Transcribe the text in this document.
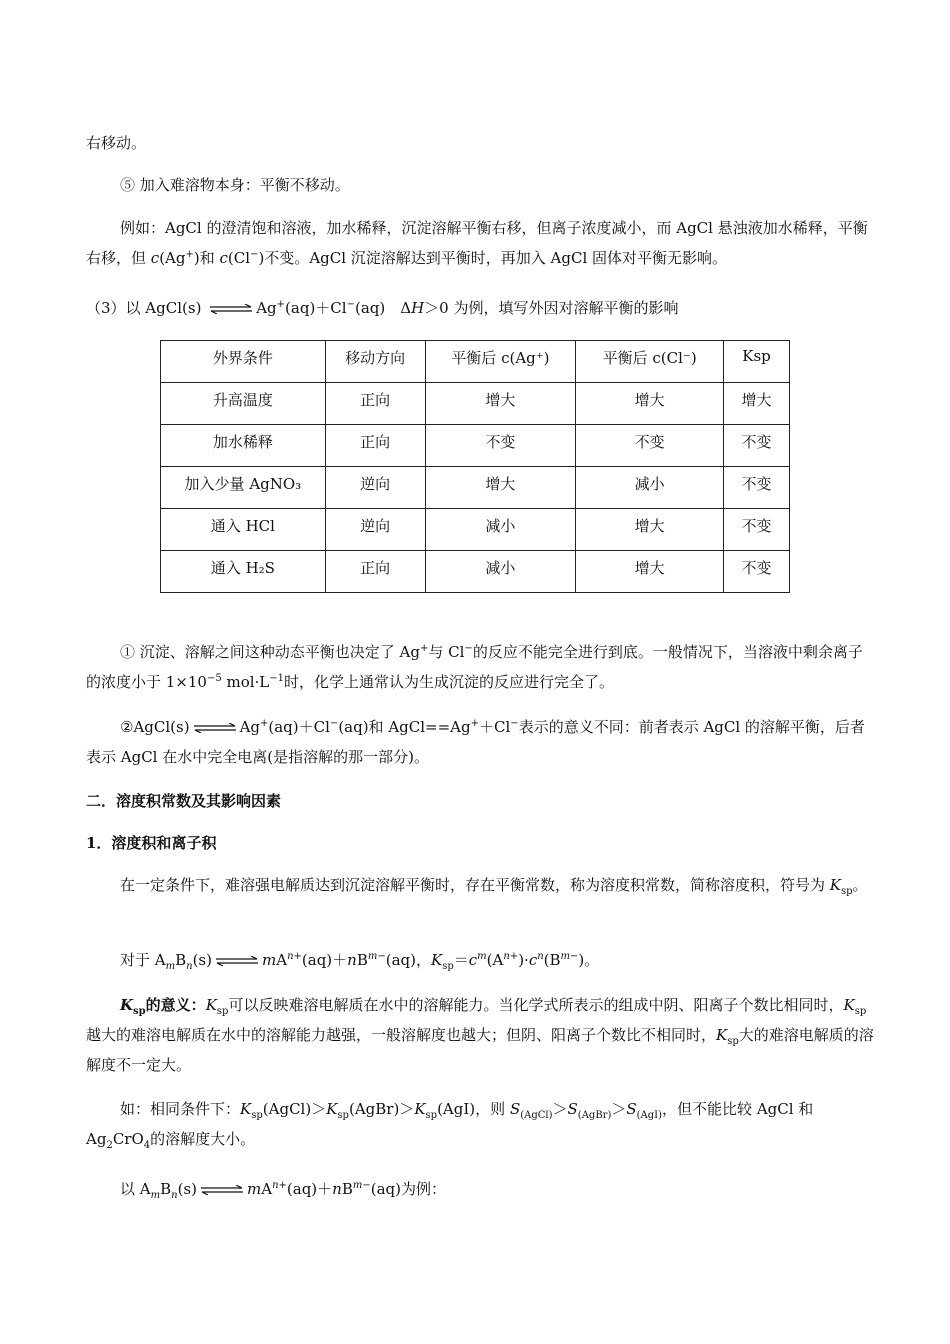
右移动。
⑤ 加入难溶物本身：平衡不移动。
例如：AgCl 的澄清饱和溶液，加水稀释，沉淀溶解平衡右移，但离子浓度减小，而 AgCl 悬浊液加水稀释，平衡右移，但 c(Ag+)和 c(Cl−)不变。AgCl 沉淀溶解达到平衡时，再加入 AgCl 固体对平衡无影响。
（3）以 AgCl(s) ⇌ Ag+(aq)＋Cl−(aq)　ΔH＞0 为例，填写外因对溶解平衡的影响
外界条件	移动方向	平衡后 c(Ag⁺)	平衡后 c(Cl⁻)	Ksp
升高温度	正向	增大	增大	增大
加水稀释	正向	不变	不变	不变
加入少量 AgNO₃	逆向	增大	减小	不变
通入 HCl	逆向	减小	增大	不变
通入 H₂S	正向	减小	增大	不变
① 沉淀、溶解之间这种动态平衡也决定了 Ag+与 Cl−的反应不能完全进行到底。一般情况下，当溶液中剩余离子的浓度小于 $1\times 10^{-5}$ $mol\cdot L^{-1}$时，化学上通常认为生成沉淀的反应进行完全了。
②AgCl(s) ⇌ Ag+(aq)＋Cl−(aq)和 AgCl==Ag+＋Cl−表示的意义不同：前者表示 AgCl 的溶解平衡，后者表示 AgCl 在水中完全电离(是指溶解的那一部分)。
二．溶度积常数及其影响因素
1．溶度积和离子积
在一定条件下，难溶强电解质达到沉淀溶解平衡时，存在平衡常数，称为溶度积常数，简称溶度积，符号为 $K_{sp}$。
对于 $A_mB_n(s)$ ⇌ $mA^{n+}(aq)+nB^{m-}(aq)$，$K_{sp}=c^m(A^{n+})\cdot c^n(B^{m-})$。
$K_{sp}$的意义：$K_{sp}$可以反映难溶电解质在水中的溶解能力。当化学式所表示的组成中阴、阳离子个数比相同时，$K_{sp}$越大的难溶电解质在水中的溶解能力越强，一般溶解度也越大；但阴、阳离子个数比不相同时，$K_{sp}$大的难溶电解质的溶解度不一定大。
如：相同条件下：$K_{sp}(AgCl)>K_{sp}(AgBr)>K_{sp}(AgI)$，则 $S_{(AgCl)}>S_{(AgBr)}>S_{(AgI)}$，但不能比较 AgCl 和 $Ag_2CrO_4$的溶解度大小。
以 $A_mB_n(s)$ ⇌ $mA^{n+}(aq)+nB^{m-}(aq)$为例：
